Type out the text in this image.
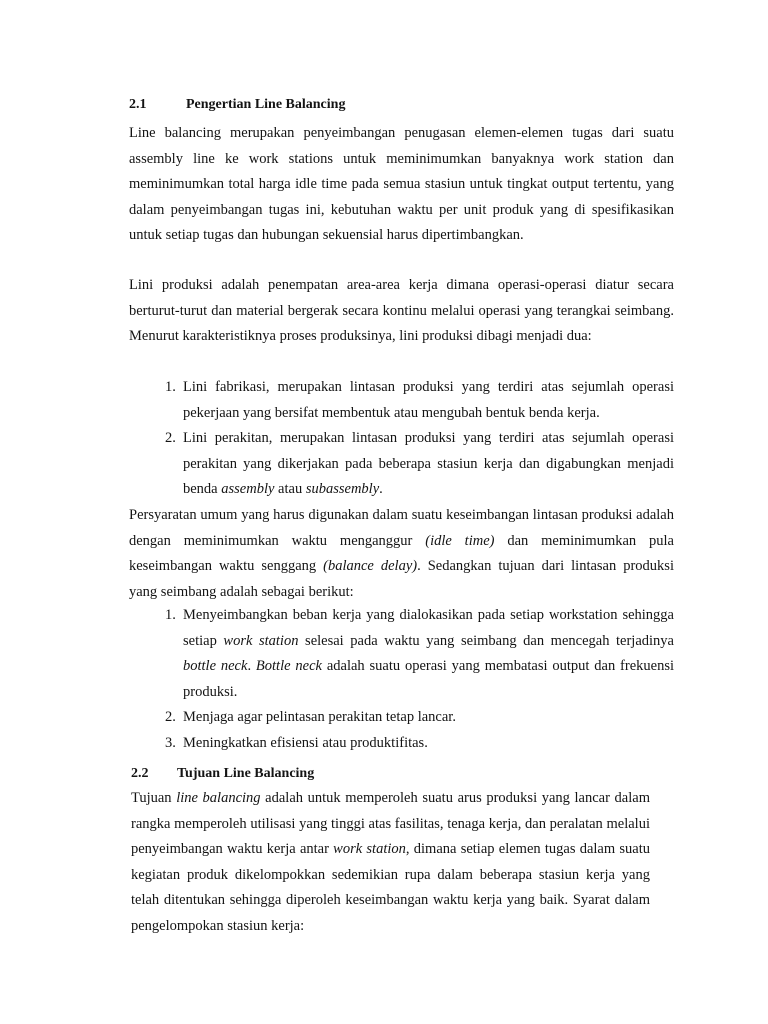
2.1	Pengertian Line Balancing

Line balancing merupakan penyeimbangan penugasan elemen-elemen tugas dari suatu assembly line ke work stations untuk meminimumkan banyaknya work station dan meminimumkan total harga idle time pada semua stasiun untuk tingkat output tertentu, yang dalam penyeimbangan tugas ini, kebutuhan waktu per unit produk yang di spesifikasikan untuk setiap tugas dan hubungan sekuensial harus dipertimbangkan.

Lini produksi adalah penempatan area-area kerja dimana operasi-operasi diatur secara berturut-turut dan material bergerak secara kontinu melalui operasi yang terangkai seimbang. Menurut karakteristiknya proses produksinya, lini produksi dibagi menjadi dua:

1. Lini fabrikasi, merupakan lintasan produksi yang terdiri atas sejumlah operasi pekerjaan yang bersifat membentuk atau mengubah bentuk benda kerja.
2. Lini perakitan, merupakan lintasan produksi yang terdiri atas sejumlah operasi perakitan yang dikerjakan pada beberapa stasiun kerja dan digabungkan menjadi benda assembly atau subassembly.

Persyaratan umum yang harus digunakan dalam suatu keseimbangan lintasan produksi adalah dengan meminimumkan waktu menganggur (idle time) dan meminimumkan pula keseimbangan waktu senggang (balance delay). Sedangkan tujuan dari lintasan produksi yang seimbang adalah sebagai berikut:

1. Menyeimbangkan beban kerja yang dialokasikan pada setiap workstation sehingga setiap work station selesai pada waktu yang seimbang dan mencegah terjadinya bottle neck. Bottle neck adalah suatu operasi yang membatasi output dan frekuensi produksi.
2. Menjaga agar pelintasan perakitan tetap lancar.
3. Meningkatkan efisiensi atau produktifitas.
2.2 Tujuan Line Balancing

Tujuan line balancing adalah untuk memperoleh suatu arus produksi yang lancar dalam rangka memperoleh utilisasi yang tinggi atas fasilitas, tenaga kerja, dan peralatan melalui penyeimbangan waktu kerja antar work station, dimana setiap elemen tugas dalam suatu kegiatan produk dikelompokkan sedemikian rupa dalam beberapa stasiun kerja yang telah ditentukan sehingga diperoleh keseimbangan waktu kerja yang baik. Syarat dalam pengelompokan stasiun kerja:
